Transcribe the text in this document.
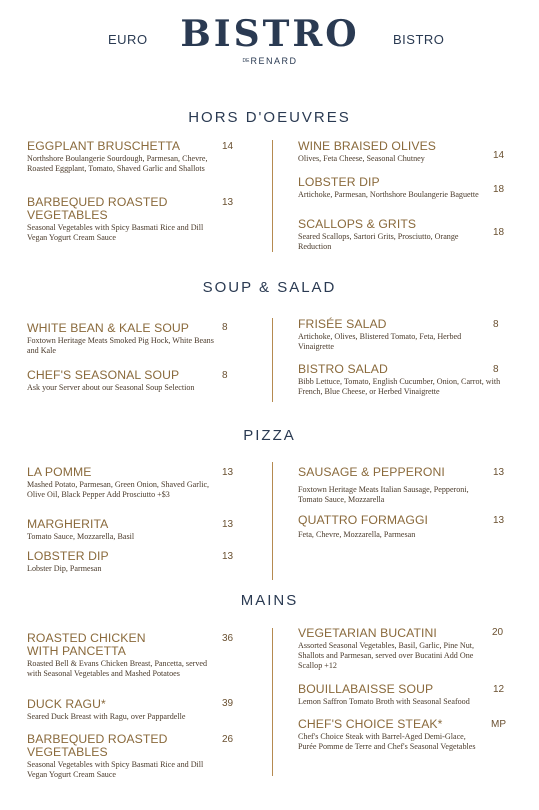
EURO BISTRO
$^{DE}$RENARD
BISTRO
HORS D'OEUVRES
EGGPLANT BRUSCHETTA
Northshore Boulangerie Sourdough, Parmesan, Chevre, Roasted Eggplant, Tomato, Shaved Garlic and Shallots
14
BARBEQUED ROASTED VEGETABLES
Seasonal Vegetables with Spicy Basmati Rice and Dill Vegan Yogurt Cream Sauce
13
WINE BRAISED OLIVES
Olives, Feta Cheese, Seasonal Chutney	14
LOBSTER DIP
Artichoke, Parmesan, Northshore Boulangerie Baguette	18
SCALLOPS & GRITS
Seared Scallops, Sartori Grits, Prosciutto, Orange Reduction
18
SOUP & SALAD
WHITE BEAN & KALE SOUP
Foxtown Heritage Meats Smoked Pig Hock, White Beans and Kale
8
CHEF'S SEASONAL SOUP
Ask your Server about our Seasonal Soup Selection
8
FRISÉE SALAD
Artichoke, Olives, Blistered Tomato, Feta, Herbed Vinaigrette
8
BISTRO SALAD
Bibb Lettuce, Tomato, English Cucumber, Onion, Carrot, with French, Blue Cheese, or Herbed Vinaigrette
8
PIZZA
LA POMME
Mashed Potato, Parmesan, Green Onion, Shaved Garlic, Olive Oil, Black Pepper Add Prosciutto +$3
13
MARGHERITA
Tomato Sauce, Mozzarella, Basil
13
LOBSTER DIP
Lobster Dip, Parmesan
13
SAUSAGE & PEPPERONI
Foxtown Heritage Meats Italian Sausage, Pepperoni, Tomato Sauce, Mozzarella
13
QUATTRO FORMAGGI
Feta, Chevre, Mozzarella, Parmesan
13
MAINS
ROASTED CHICKEN WITH PANCETTA
Roasted Bell & Evans Chicken Breast, Pancetta, served with Seasonal Vegetables and Mashed Potatoes
36
DUCK RAGU*
Seared Duck Breast with Ragu, over Pappardelle
39
BARBEQUED ROASTED VEGETABLES
Seasonal Vegetables with Spicy Basmati Rice and Dill Vegan Yogurt Cream Sauce
26
VEGETARIAN BUCATINI
Assorted Seasonal Vegetables, Basil, Garlic, Pine Nut, Shallots and Parmesan, served over Bucatini Add One Scallop +12
20
BOUILLABAISSE SOUP
Lemon Saffron Tomato Broth with Seasonal Seafood
12
CHEF'S CHOICE STEAK*
Chef's Choice Steak with Barrel-Aged Demi-Glace, Purée Pomme de Terre and Chef's Seasonal Vegetables
MP
